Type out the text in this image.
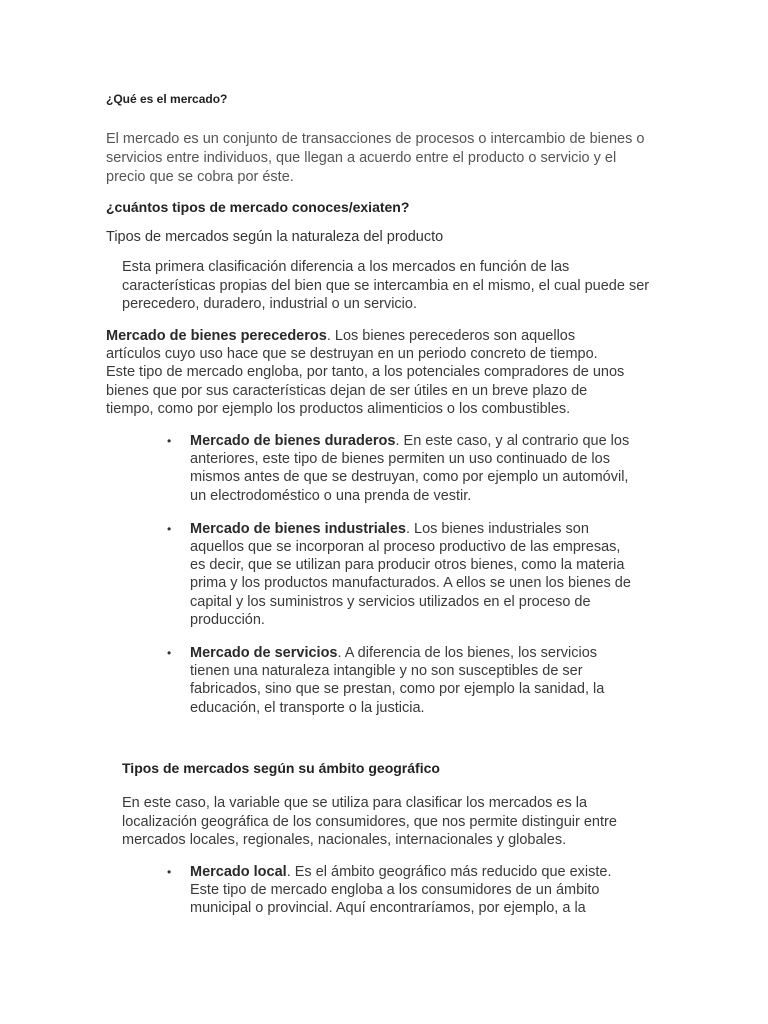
¿Qué es el mercado?

El mercado es un conjunto de transacciones de procesos o intercambio de bienes o servicios entre individuos, que llegan a acuerdo entre el producto o servicio y el precio que se cobra por éste.

¿cuántos tipos de mercado conoces/exiaten?

Tipos de mercados según la naturaleza del producto

Esta primera clasificación diferencia a los mercados en función de las características propias del bien que se intercambia en el mismo, el cual puede ser perecedero, duradero, industrial o un servicio.

Mercado de bienes perecederos. Los bienes perecederos son aquellos artículos cuyo uso hace que se destruyan en un periodo concreto de tiempo. Este tipo de mercado engloba, por tanto, a los potenciales compradores de unos bienes que por sus características dejan de ser útiles en un breve plazo de tiempo, como por ejemplo los productos alimenticios o los combustibles.

• Mercado de bienes duraderos. En este caso, y al contrario que los anteriores, este tipo de bienes permiten un uso continuado de los mismos antes de que se destruyan, como por ejemplo un automóvil, un electrodoméstico o una prenda de vestir.
• Mercado de bienes industriales. Los bienes industriales son aquellos que se incorporan al proceso productivo de las empresas, es decir, que se utilizan para producir otros bienes, como la materia prima y los productos manufacturados. A ellos se unen los bienes de capital y los suministros y servicios utilizados en el proceso de producción.
• Mercado de servicios. A diferencia de los bienes, los servicios tienen una naturaleza intangible y no son susceptibles de ser fabricados, sino que se prestan, como por ejemplo la sanidad, la educación, el transporte o la justicia.

Tipos de mercados según su ámbito geográfico

En este caso, la variable que se utiliza para clasificar los mercados es la localización geográfica de los consumidores, que nos permite distinguir entre mercados locales, regionales, nacionales, internacionales y globales.

• Mercado local. Es el ámbito geográfico más reducido que existe. Este tipo de mercado engloba a los consumidores de un ámbito municipal o provincial. Aquí encontraríamos, por ejemplo, a la
